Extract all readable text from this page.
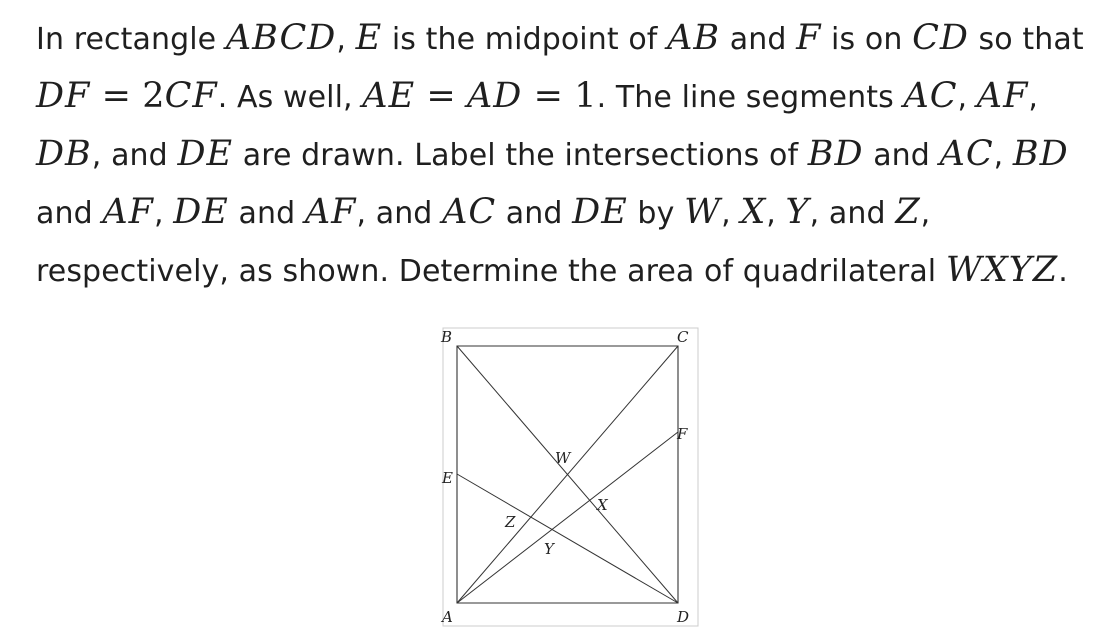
In rectangle ABCD, E is the midpoint of AB and F is on CD so that DF = 2CF. As well, AE = AD = 1. The line segments AC, AF, DB, and DE are drawn. Label the intersections of BD and AC, BD and AF, DE and AF, and AC and DE by W, X, Y, and Z, respectively, as shown. Determine the area of quadrilateral WXYZ.
B	C
A	D
E
F
W
X
Y
Z
